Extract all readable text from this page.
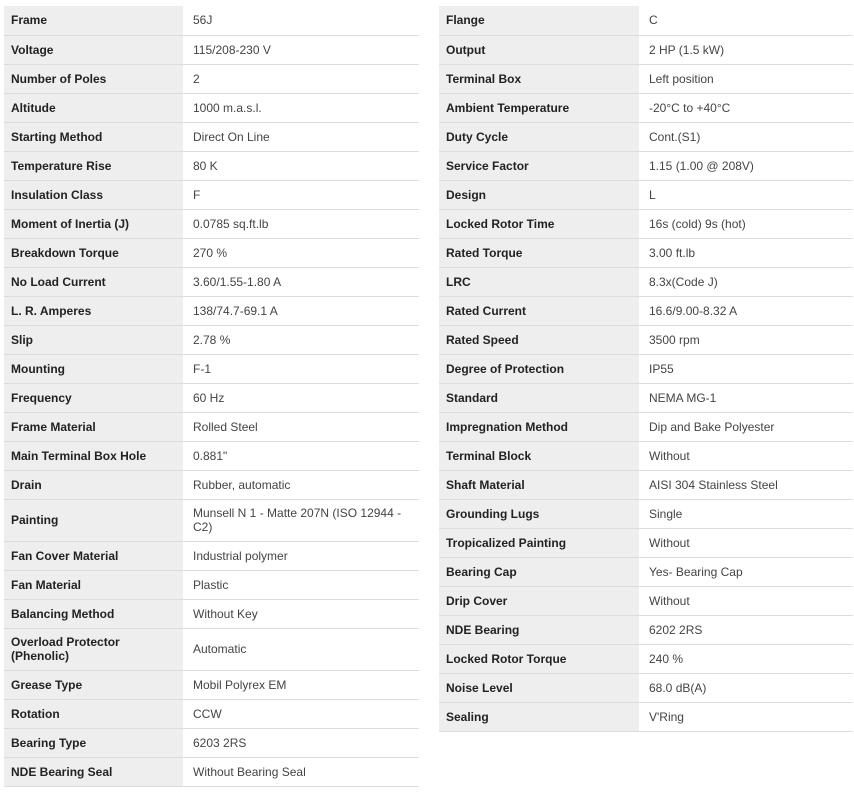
Frame	56J
Voltage	115/208-230 V
Number of Poles	2
Altitude	1000 m.a.s.l.
Starting Method	Direct On Line
Temperature Rise	80 K
Insulation Class	F
Moment of Inertia (J)	0.0785 sq.ft.lb
Breakdown Torque	270 %
No Load Current	3.60/1.55-1.80 A
L. R. Amperes	138/74.7-69.1 A
Slip	2.78 %
Mounting	F-1
Frequency	60 Hz
Frame Material	Rolled Steel
Main Terminal Box Hole	0.881"
Drain	Rubber, automatic
Painting	Munsell N 1 - Matte 207N (ISO 12944 - C2)
Fan Cover Material	Industrial polymer
Fan Material	Plastic
Balancing Method	Without Key
Overload Protector (Phenolic)	Automatic
Grease Type	Mobil Polyrex EM
Rotation	CCW
Bearing Type	6203 2RS
NDE Bearing Seal	Without Bearing Seal
Flange	C
Output	2 HP (1.5 kW)
Terminal Box	Left position
Ambient Temperature	-20°C to +40°C
Duty Cycle	Cont.(S1)
Service Factor	1.15 (1.00 @ 208V)
Design	L
Locked Rotor Time	16s (cold) 9s (hot)
Rated Torque	3.00 ft.lb
LRC	8.3x(Code J)
Rated Current	16.6/9.00-8.32 A
Rated Speed	3500 rpm
Degree of Protection	IP55
Standard	NEMA MG-1
Impregnation Method	Dip and Bake Polyester
Terminal Block	Without
Shaft Material	AISI 304 Stainless Steel
Grounding Lugs	Single
Tropicalized Painting	Without
Bearing Cap	Yes- Bearing Cap
Drip Cover	Without
NDE Bearing	6202 2RS
Locked Rotor Torque	240 %
Noise Level	68.0 dB(A)
Sealing	V'Ring
